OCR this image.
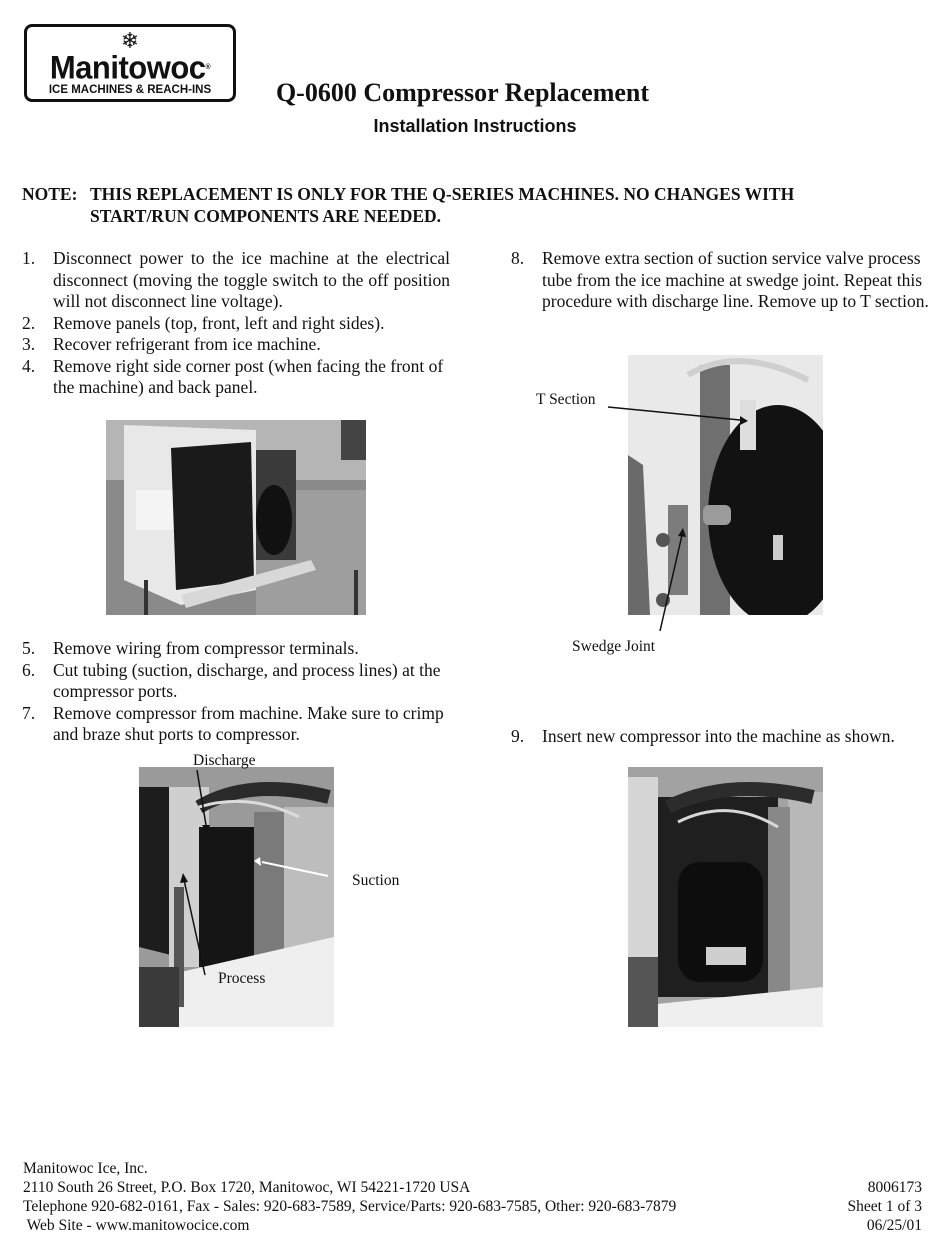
❄
Manitowoc®
ICE MACHINES & REACH-INS	Q-0600 Compressor Replacement
Installation Instructions
NOTE: THIS REPLACEMENT IS ONLY FOR THE Q-SERIES MACHINES. NO CHANGES WITH
START/RUN COMPONENTS ARE NEEDED.
1. Disconnect power to the ice machine at the electrical disconnect (moving the toggle switch to the off position will not disconnect line voltage).
2. Remove panels (top, front, left and right sides).
3. Recover refrigerant from ice machine.
4. Remove right side corner post (when facing the front of the machine) and back panel.
5. Remove wiring from compressor terminals.
6. Cut tubing (suction, discharge, and process lines) at the compressor ports.
7. Remove compressor from machine. Make sure to crimp and braze shut ports to compressor.
Discharge
Suction
Process
8. Remove extra section of suction service valve process tube from the ice machine at swedge joint. Repeat this procedure with discharge line. Remove up to T section.
T Section
Swedge Joint
9. Insert new compressor into the machine as shown.
Manitowoc Ice, Inc.
2110 South 26 Street, P.O. Box 1720, Manitowoc, WI 54221-1720 USA
Telephone 920-682-0161, Fax - Sales: 920-683-7589, Service/Parts: 920-683-7585, Other: 920-683-7879
Web Site - www.manitowocice.com
8006173
Sheet 1 of 3
06/25/01
